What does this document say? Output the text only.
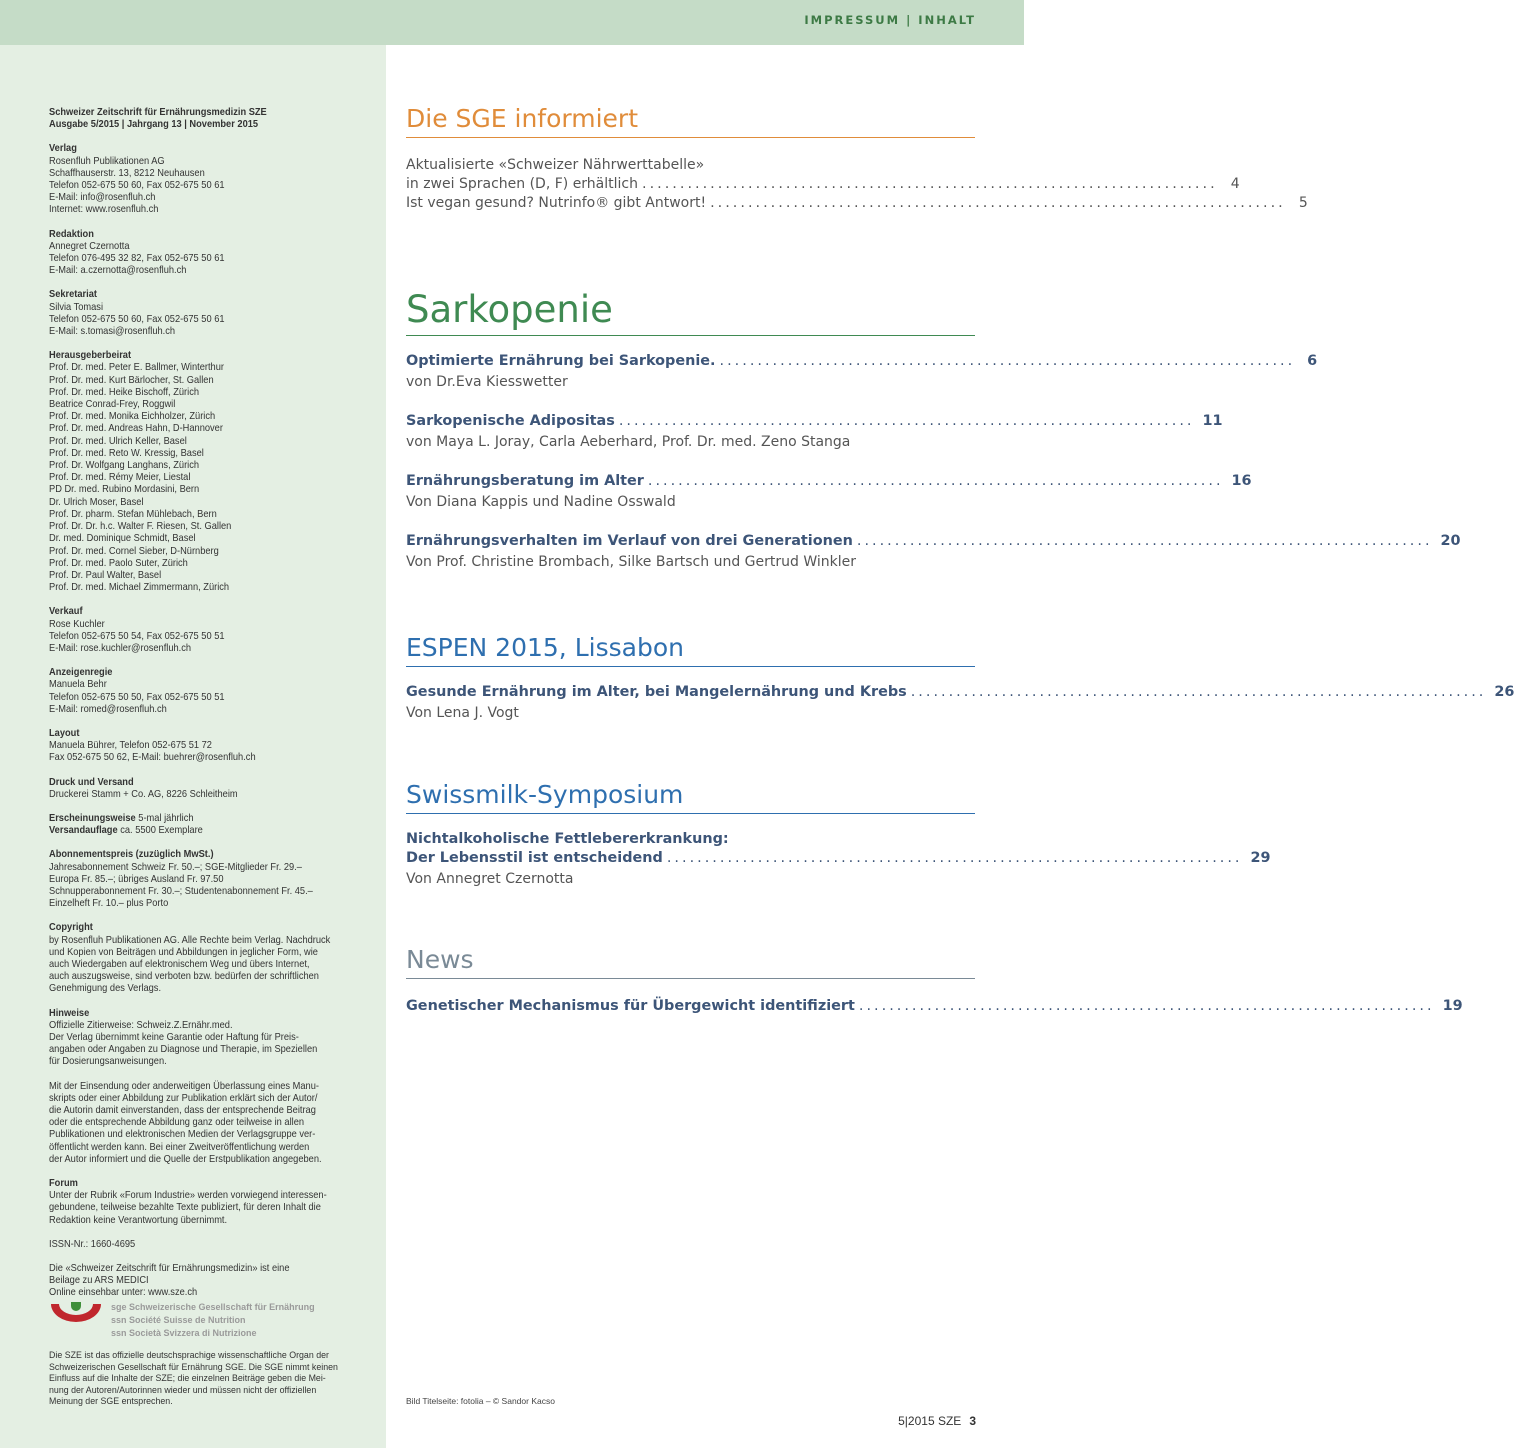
IMPRESSUM | INHALT
Schweizer Zeitschrift für Ernährungsmedizin SZE
Ausgabe 5/2015 | Jahrgang 13 | November 2015
Verlag
Rosenfluh Publikationen AG
Schaffhauserstr. 13, 8212 Neuhausen
Telefon 052-675 50 60, Fax 052-675 50 61
E-Mail: info@rosenfluh.ch
Internet: www.rosenfluh.ch
Redaktion
Annegret Czernotta
Telefon 076-495 32 82, Fax 052-675 50 61
E-Mail: a.czernotta@rosenfluh.ch
Sekretariat
Silvia Tomasi
Telefon 052-675 50 60, Fax 052-675 50 61
E-Mail: s.tomasi@rosenfluh.ch
Herausgeberbeirat
Prof. Dr. med. Peter E. Ballmer, Winterthur
Prof. Dr. med. Kurt Bärlocher, St. Gallen
Prof. Dr. med. Heike Bischoff, Zürich
Beatrice Conrad-Frey, Roggwil
Prof. Dr. med. Monika Eichholzer, Zürich
Prof. Dr. med. Andreas Hahn, D-Hannover
Prof. Dr. med. Ulrich Keller, Basel
Prof. Dr. med. Reto W. Kressig, Basel
Prof. Dr. Wolfgang Langhans, Zürich
Prof. Dr. med. Rémy Meier, Liestal
PD Dr. med. Rubino Mordasini, Bern
Dr. Ulrich Moser, Basel
Prof. Dr. pharm. Stefan Mühlebach, Bern
Prof. Dr. Dr. h.c. Walter F. Riesen, St. Gallen
Dr. med. Dominique Schmidt, Basel
Prof. Dr. med. Cornel Sieber, D-Nürnberg
Prof. Dr. med. Paolo Suter, Zürich
Prof. Dr. Paul Walter, Basel
Prof. Dr. med. Michael Zimmermann, Zürich
Verkauf
Rose Kuchler
Telefon 052-675 50 54, Fax 052-675 50 51
E-Mail: rose.kuchler@rosenfluh.ch
Anzeigenregie
Manuela Behr
Telefon 052-675 50 50, Fax 052-675 50 51
E-Mail: romed@rosenfluh.ch
Layout
Manuela Bührer, Telefon 052-675 51 72
Fax 052-675 50 62, E-Mail: buehrer@rosenfluh.ch
Druck und Versand
Druckerei Stamm + Co. AG, 8226 Schleitheim
Erscheinungsweise 5-mal jährlich
Versandauflage ca. 5500 Exemplare
Abonnementspreis (zuzüglich MwSt.)
Jahresabonnement Schweiz Fr. 50.–; SGE-Mitglieder Fr. 29.–
Europa Fr. 85.–; übriges Ausland Fr. 97.50
Schnupperabonnement Fr. 30.–; Studentenabonnement Fr. 45.–
Einzelheft Fr. 10.– plus Porto
Copyright
by Rosenfluh Publikationen AG. Alle Rechte beim Verlag. Nachdruck
und Kopien von Beiträgen und Abbildungen in jeglicher Form, wie
auch Wiedergaben auf elektronischem Weg und übers Internet,
auch auszugsweise, sind verboten bzw. bedürfen der schriftlichen
Genehmigung des Verlags.
Hinweise
Offizielle Zitierweise: Schweiz.Z.Ernähr.med.
Der Verlag übernimmt keine Garantie oder Haftung für Preis-
angaben oder Angaben zu Diagnose und Therapie, im Speziellen
für Dosierungsanweisungen.
Mit der Einsendung oder anderweitigen Überlassung eines Manu-
skripts oder einer Abbildung zur Publikation erklärt sich der Autor/
die Autorin damit einverstanden, dass der entsprechende Beitrag
oder die entsprechende Abbildung ganz oder teilweise in allen
Publikationen und elektronischen Medien der Verlagsgruppe ver-
öffentlicht werden kann. Bei einer Zweitveröffentlichung werden
der Autor informiert und die Quelle der Erstpublikation angegeben.
Forum
Unter der Rubrik «Forum Industrie» werden vorwiegend interessen-
gebundene, teilweise bezahlte Texte publiziert, für deren Inhalt die
Redaktion keine Verantwortung übernimmt.
ISSN-Nr.: 1660-4695
Die «Schweizer Zeitschrift für Ernährungsmedizin» ist eine
Beilage zu ARS MEDICI
Online einsehbar unter: www.sze.ch
sge Schweizerische Gesellschaft für Ernährung
ssn Société Suisse de Nutrition
ssn Società Svizzera di Nutrizione
Die SZE ist das offizielle deutschsprachige wissenschaftliche Organ der
Schweizerischen Gesellschaft für Ernährung SGE. Die SGE nimmt keinen
Einfluss auf die Inhalte der SZE; die einzelnen Beiträge geben die Mei-
nung der Autoren/Autorinnen wieder und müssen nicht der offiziellen
Meinung der SGE entsprechen.
Die SGE informiert
Aktualisierte «Schweizer Nährwerttabelle»
in zwei Sprachen (D, F) erhältlich ............................................................................ 4
Ist vegan gesund? Nutrinfo® gibt Antwort! ............................................................................ 5
Sarkopenie
Optimierte Ernährung bei Sarkopenie. ............................................................................ 6
von Dr.Eva Kiesswetter
Sarkopenische Adipositas ............................................................................ 11
von Maya L. Joray, Carla Aeberhard, Prof. Dr. med. Zeno Stanga
Ernährungsberatung im Alter ............................................................................ 16
Von Diana Kappis und Nadine Osswald
Ernährungsverhalten im Verlauf von drei Generationen ............................................................................ 20
Von Prof. Christine Brombach, Silke Bartsch und Gertrud Winkler
ESPEN 2015, Lissabon
Gesunde Ernährung im Alter, bei Mangelernährung und Krebs ............................................................................ 26
Von Lena J. Vogt
Swissmilk-Symposium
Nichtalkoholische Fettlebererkrankung:
Der Lebensstil ist entscheidend ............................................................................ 29
Von Annegret Czernotta
News
Genetischer Mechanismus für Übergewicht identifiziert ............................................................................ 19
Bild Titelseite: fotolia – © Sandor Kacso
5|2015 SZE 3
